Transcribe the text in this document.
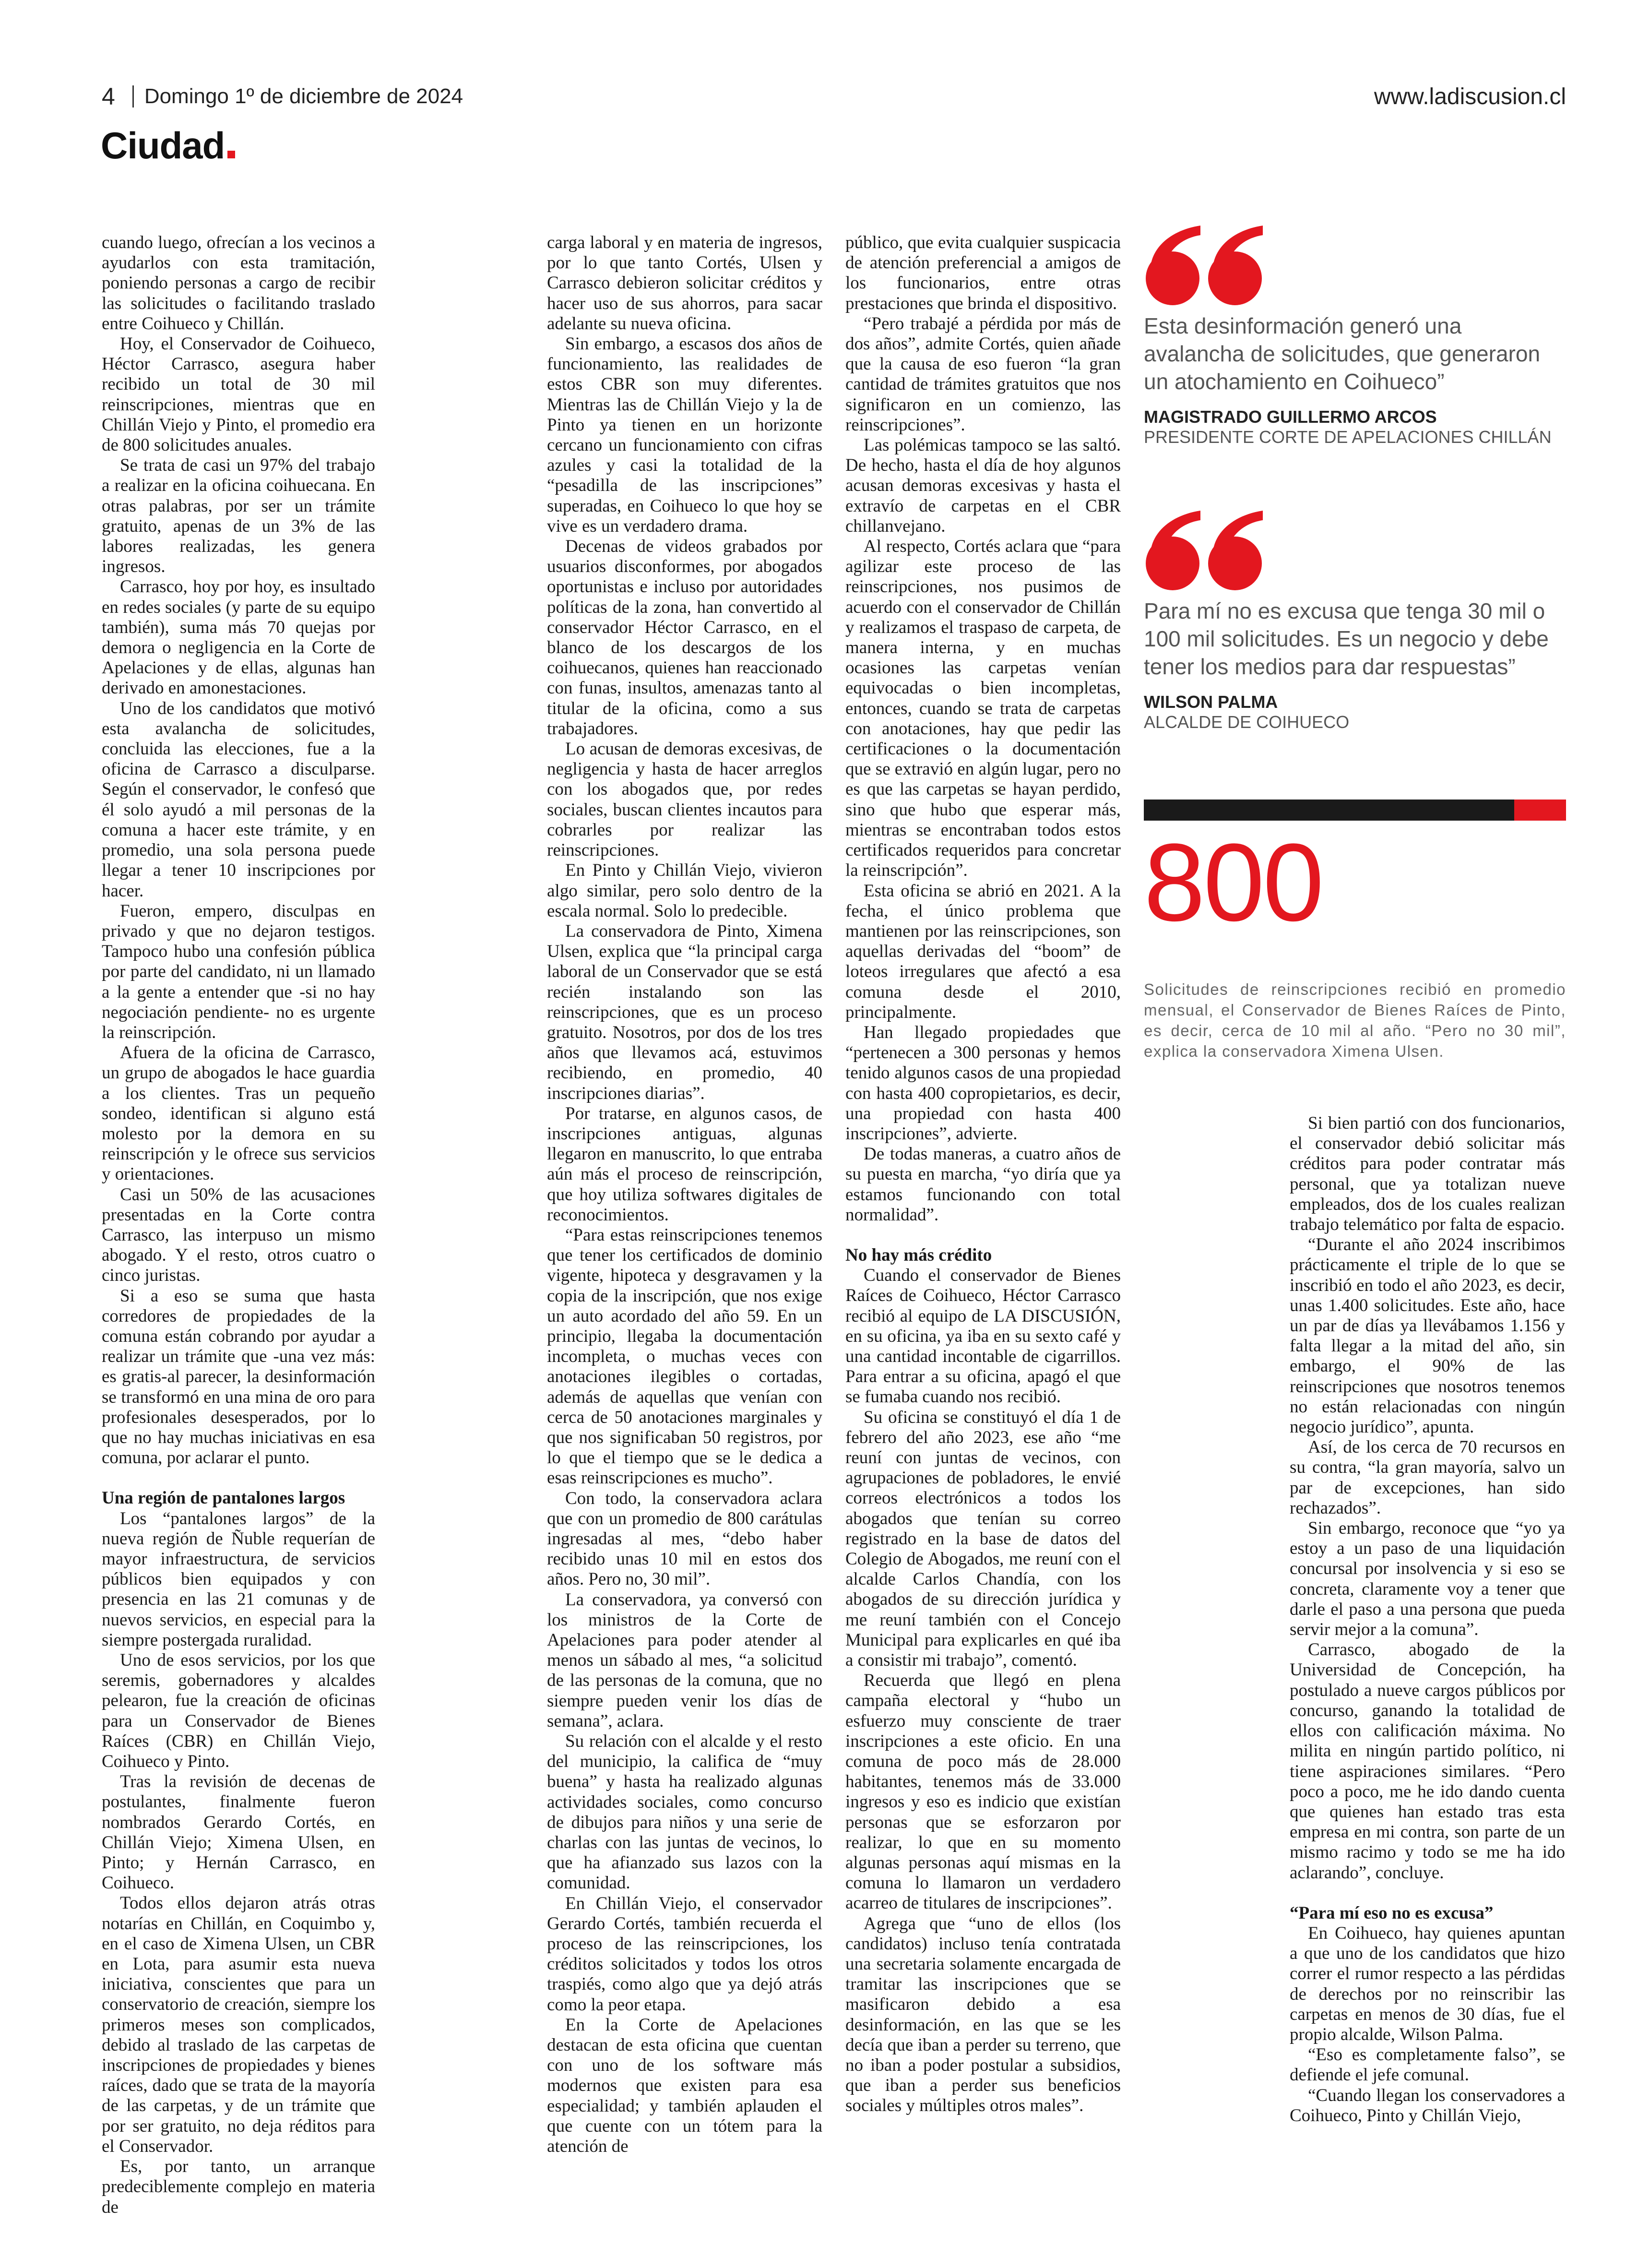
4 Domingo 1º de diciembre de 2024	www.ladiscusion.cl
Ciudad

cuando luego, ofrecían a los vecinos a ayudarlos con esta tramitación, poniendo personas a cargo de recibir las solicitudes o facilitando traslado entre Coihueco y Chillán.

Hoy, el Conservador de Coihueco, Héctor Carrasco, asegura haber recibido un total de 30 mil reinscripciones, mientras que en Chillán Viejo y Pinto, el promedio era de 800 solicitudes anuales.

Se trata de casi un 97% del trabajo a realizar en la oficina coihuecana. En otras palabras, por ser un trámite gratuito, apenas de un 3% de las labores realizadas, les genera ingresos.

Carrasco, hoy por hoy, es insultado en redes sociales (y parte de su equipo también), suma más 70 quejas por demora o negligencia en la Corte de Apelaciones y de ellas, algunas han derivado en amonestaciones.

Uno de los candidatos que motivó esta avalancha de solicitudes, concluida las elecciones, fue a la oficina de Carrasco a disculparse. Según el conservador, le confesó que él solo ayudó a mil personas de la comuna a hacer este trámite, y en promedio, una sola persona puede llegar a tener 10 inscripciones por hacer.

Fueron, empero, disculpas en privado y que no dejaron testigos. Tampoco hubo una confesión pública por parte del candidato, ni un llamado a la gente a entender que -si no hay negociación pendiente- no es urgente la reinscripción.

Afuera de la oficina de Carrasco, un grupo de abogados le hace guardia a los clientes. Tras un pequeño sondeo, identifican si alguno está molesto por la demora en su reinscripción y le ofrece sus servicios y orientaciones.

Casi un 50% de las acusaciones presentadas en la Corte contra Carrasco, las interpuso un mismo abogado. Y el resto, otros cuatro o cinco juristas.

Si a eso se suma que hasta corredores de propiedades de la comuna están cobrando por ayudar a realizar un trámite que -una vez más: es gratis-al parecer, la desinformación se transformó en una mina de oro para profesionales desesperados, por lo que no hay muchas iniciativas en esa comuna, por aclarar el punto.

Una región de pantalones largos

Los “pantalones largos” de la nueva región de Ñuble requerían de mayor infraestructura, de servicios públicos bien equipados y con presencia en las 21 comunas y de nuevos servicios, en especial para la siempre postergada ruralidad.

Uno de esos servicios, por los que seremis, gobernadores y alcaldes pelearon, fue la creación de oficinas para un Conservador de Bienes Raíces (CBR) en Chillán Viejo, Coihueco y Pinto.

Tras la revisión de decenas de postulantes, finalmente fueron nombrados Gerardo Cortés, en Chillán Viejo; Ximena Ulsen, en Pinto; y Hernán Carrasco, en Coihueco.

Todos ellos dejaron atrás otras notarías en Chillán, en Coquimbo y, en el caso de Ximena Ulsen, un CBR en Lota, para asumir esta nueva iniciativa, conscientes que para un conservatorio de creación, siempre los primeros meses son complicados, debido al traslado de las carpetas de inscripciones de propiedades y bienes raíces, dado que se trata de la mayoría de las carpetas, y de un trámite que por ser gratuito, no deja réditos para el Conservador.

Es, por tanto, un arranque predeciblemente complejo en materia de

carga laboral y en materia de ingresos, por lo que tanto Cortés, Ulsen y Carrasco debieron solicitar créditos y hacer uso de sus ahorros, para sacar adelante su nueva oficina.

Sin embargo, a escasos dos años de funcionamiento, las realidades de estos CBR son muy diferentes. Mientras las de Chillán Viejo y la de Pinto ya tienen en un horizonte cercano un funcionamiento con cifras azules y casi la totalidad de la “pesadilla de las inscripciones” superadas, en Coihueco lo que hoy se vive es un verdadero drama.

Decenas de videos grabados por usuarios disconformes, por abogados oportunistas e incluso por autoridades políticas de la zona, han convertido al conservador Héctor Carrasco, en el blanco de los descargos de los coihuecanos, quienes han reaccionado con funas, insultos, amenazas tanto al titular de la oficina, como a sus trabajadores.

Lo acusan de demoras excesivas, de negligencia y hasta de hacer arreglos con los abogados que, por redes sociales, buscan clientes incautos para cobrarles por realizar las reinscripciones.

En Pinto y Chillán Viejo, vivieron algo similar, pero solo dentro de la escala normal. Solo lo predecible.

La conservadora de Pinto, Ximena Ulsen, explica que “la principal carga laboral de un Conservador que se está recién instalando son las reinscripciones, que es un proceso gratuito. Nosotros, por dos de los tres años que llevamos acá, estuvimos recibiendo, en promedio, 40 inscripciones diarias”.

Por tratarse, en algunos casos, de inscripciones antiguas, algunas llegaron en manuscrito, lo que entraba aún más el proceso de reinscripción, que hoy utiliza softwares digitales de reconocimientos.

“Para estas reinscripciones tenemos que tener los certificados de dominio vigente, hipoteca y desgravamen y la copia de la inscripción, que nos exige un auto acordado del año 59. En un principio, llegaba la documentación incompleta, o muchas veces con anotaciones ilegibles o cortadas, además de aquellas que venían con cerca de 50 anotaciones marginales y que nos significaban 50 registros, por lo que el tiempo que se le dedica a esas reinscripciones es mucho”.

Con todo, la conservadora aclara que con un promedio de 800 carátulas ingresadas al mes, “debo haber recibido unas 10 mil en estos dos años. Pero no, 30 mil”.

La conservadora, ya conversó con los ministros de la Corte de Apelaciones para poder atender al menos un sábado al mes, “a solicitud de las personas de la comuna, que no siempre pueden venir los días de semana”, aclara.

Su relación con el alcalde y el resto del municipio, la califica de “muy buena” y hasta ha realizado algunas actividades sociales, como concurso de dibujos para niños y una serie de charlas con las juntas de vecinos, lo que ha afianzado sus lazos con la comunidad.

En Chillán Viejo, el conservador Gerardo Cortés, también recuerda el proceso de las reinscripciones, los créditos solicitados y todos los otros traspiés, como algo que ya dejó atrás como la peor etapa.

En la Corte de Apelaciones destacan de esta oficina que cuentan con uno de los software más modernos que existen para esa especialidad; y también aplauden el que cuente con un tótem para la atención de

público, que evita cualquier suspicacia de atención preferencial a amigos de los funcionarios, entre otras prestaciones que brinda el dispositivo.

“Pero trabajé a pérdida por más de dos años”, admite Cortés, quien añade que la causa de eso fueron “la gran cantidad de trámites gratuitos que nos significaron en un comienzo, las reinscripciones”.

Las polémicas tampoco se las saltó. De hecho, hasta el día de hoy algunos acusan demoras excesivas y hasta el extravío de carpetas en el CBR chillanvejano.

Al respecto, Cortés aclara que “para agilizar este proceso de las reinscripciones, nos pusimos de acuerdo con el conservador de Chillán y realizamos el traspaso de carpeta, de manera interna, y en muchas ocasiones las carpetas venían equivocadas o bien incompletas, entonces, cuando se trata de carpetas con anotaciones, hay que pedir las certificaciones o la documentación que se extravió en algún lugar, pero no es que las carpetas se hayan perdido, sino que hubo que esperar más, mientras se encontraban todos estos certificados requeridos para concretar la reinscripción”.

Esta oficina se abrió en 2021. A la fecha, el único problema que mantienen por las reinscripciones, son aquellas derivadas del “boom” de loteos irregulares que afectó a esa comuna desde el 2010, principalmente.

Han llegado propiedades que “pertenecen a 300 personas y hemos tenido algunos casos de una propiedad con hasta 400 copropietarios, es decir, una propiedad con hasta 400 inscripciones”, advierte.

De todas maneras, a cuatro años de su puesta en marcha, “yo diría que ya estamos funcionando con total normalidad”.

No hay más crédito

Cuando el conservador de Bienes Raíces de Coihueco, Héctor Carrasco recibió al equipo de LA DISCUSIÓN, en su oficina, ya iba en su sexto café y una cantidad incontable de cigarrillos. Para entrar a su oficina, apagó el que se fumaba cuando nos recibió.

Su oficina se constituyó el día 1 de febrero del año 2023, ese año “me reuní con juntas de vecinos, con agrupaciones de pobladores, le envié correos electrónicos a todos los abogados que tenían su correo registrado en la base de datos del Colegio de Abogados, me reuní con el alcalde Carlos Chandía, con los abogados de su dirección jurídica y me reuní también con el Concejo Municipal para explicarles en qué iba a consistir mi trabajo”, comentó.

Recuerda que llegó en plena campaña electoral y “hubo un esfuerzo muy consciente de traer inscripciones a este oficio. En una comuna de poco más de 28.000 habitantes, tenemos más de 33.000 ingresos y eso es indicio que existían personas que se esforzaron por realizar, lo que en su momento algunas personas aquí mismas en la comuna lo llamaron un verdadero acarreo de titulares de inscripciones”.

Agrega que “uno de ellos (los candidatos) incluso tenía contratada una secretaria solamente encargada de tramitar las inscripciones que se masificaron debido a esa desinformación, en las que se les decía que iban a perder su terreno, que no iban a poder postular a subsidios, que iban a perder sus beneficios sociales y múltiples otros males”.

Si bien partió con dos funcionarios, el conservador debió solicitar más créditos para poder contratar más personal, que ya totalizan nueve empleados, dos de los cuales realizan trabajo telemático por falta de espacio.

“Durante el año 2024 inscribimos prácticamente el triple de lo que se inscribió en todo el año 2023, es decir, unas 1.400 solicitudes. Este año, hace un par de días ya llevábamos 1.156 y falta llegar a la mitad del año, sin embargo, el 90% de las reinscripciones que nosotros tenemos no están relacionadas con ningún negocio jurídico”, apunta.

Así, de los cerca de 70 recursos en su contra, “la gran mayoría, salvo un par de excepciones, han sido rechazados”.

Sin embargo, reconoce que “yo ya estoy a un paso de una liquidación concursal por insolvencia y si eso se concreta, claramente voy a tener que darle el paso a una persona que pueda servir mejor a la comuna”.

Carrasco, abogado de la Universidad de Concepción, ha postulado a nueve cargos públicos por concurso, ganando la totalidad de ellos con calificación máxima. No milita en ningún partido político, ni tiene aspiraciones similares. “Pero poco a poco, me he ido dando cuenta que quienes han estado tras esta empresa en mi contra, son parte de un mismo racimo y todo se me ha ido aclarando”, concluye.

“Para mí eso no es excusa”

En Coihueco, hay quienes apuntan a que uno de los candidatos que hizo correr el rumor respecto a las pérdidas de derechos por no reinscribir las carpetas en menos de 30 días, fue el propio alcalde, Wilson Palma.

“Eso es completamente falso”, se defiende el jefe comunal.

“Cuando llegan los conservadores a Coihueco, Pinto y Chillán Viejo,

Esta desinformación generó una avalancha de solicitudes, que generaron un atochamiento en Coihueco”
MAGISTRADO GUILLERMO ARCOS
PRESIDENTE CORTE DE APELACIONES CHILLÁN
Para mí no es excusa que tenga 30 mil o 100 mil solicitudes. Es un negocio y debe tener los medios para dar respuestas”
WILSON PALMA
ALCALDE DE COIHUECO
800
Solicitudes de reinscripciones recibió en promedio mensual, el Conservador de Bienes Raíces de Pinto, es decir, cerca de 10 mil al año. “Pero no 30 mil”, explica la conservadora Ximena Ulsen.
